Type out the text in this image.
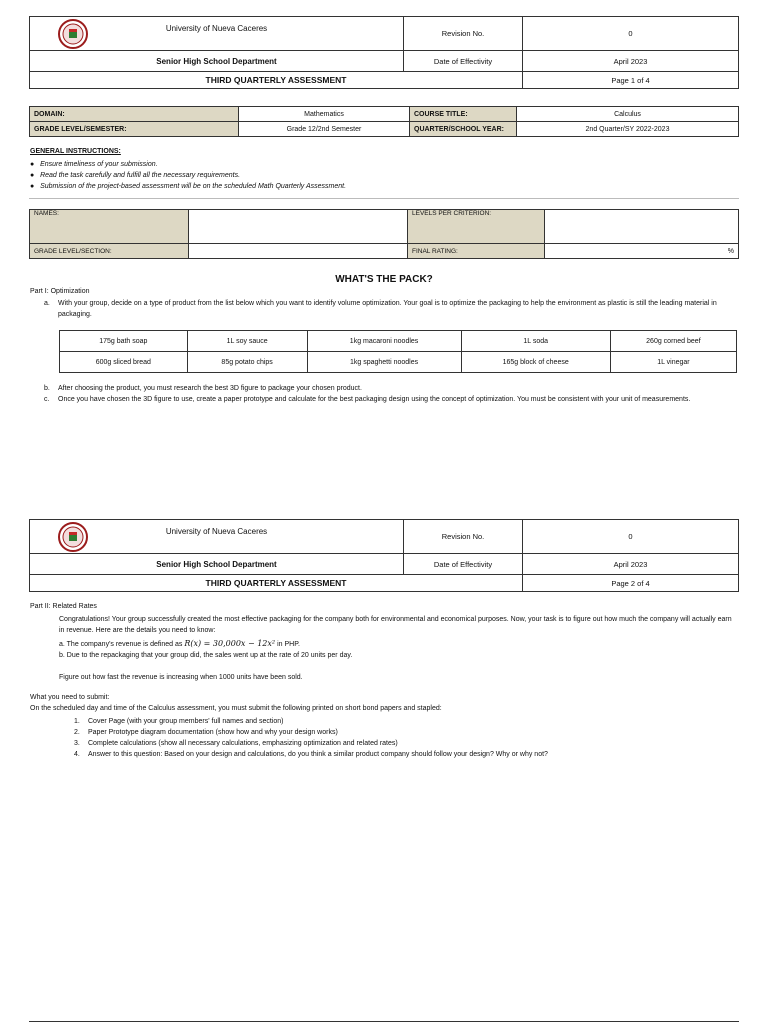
University of Nueva Caceres	Revision No.	0
Senior High School Department	Date of Effectivity	April 2023
THIRD QUARTERLY ASSESSMENT		Page 1 of 4
DOMAIN:	Mathematics	COURSE TITLE:	Calculus
GRADE LEVEL/SEMESTER:	Grade 12/2nd Semester	QUARTER/SCHOOL YEAR:	2nd Quarter/SY 2022-2023
GENERAL INSTRUCTIONS:
●   Ensure timeliness of your submission.
●   Read the task carefully and fulfill all the necessary requirements.
●   Submission of the project-based assessment will be on the scheduled Math Quarterly Assessment.
NAMES:		LEVELS PER CRITERION:	
GRADE LEVEL/SECTION:		FINAL RATING:	%
WHAT'S THE PACK?
Part I: Optimization
a. With your group, decide on a type of product from the list below which you want to identify volume optimization. Your goal is to optimize the packaging to help the environment as plastic is still the leading material in packaging.
175g bath soap	1L soy sauce	1kg macaroni noodles	1L soda	260g corned beef
600g sliced bread	85g potato chips	1kg spaghetti noodles	165g block of cheese	1L vinegar
b. After choosing the product, you must research the best 3D figure to package your chosen product.
c. Once you have chosen the 3D figure to use, create a paper prototype and calculate for the best packaging design using the concept of optimization. You must be consistent with your unit of measurements.
University of Nueva Caceres	Revision No.	0
Senior High School Department	Date of Effectivity	April 2023
THIRD QUARTERLY ASSESSMENT		Page 2 of 4
Part II: Related Rates
Congratulations! Your group successfully created the most effective packaging for the company both for environmental and economical purposes. Now, your task is to figure out how much the company will actually earn in revenue. Here are the details you need to know:
a. The company's revenue is defined as R(x) = 30,000x − 12x² in PHP.
b. Due to the repackaging that your group did, the sales went up at the rate of 20 units per day.
Figure out how fast the revenue is increasing when 1000 units have been sold.
What you need to submit:
On the scheduled day and time of the Calculus assessment, you must submit the following printed on short bond papers and stapled:
1. Cover Page (with your group members' full names and section)
2. Paper Prototype diagram documentation (show how and why your design works)
3. Complete calculations (show all necessary calculations, emphasizing optimization and related rates)
4. Answer to this question: Based on your design and calculations, do you think a similar product company should follow your design? Why or why not?
